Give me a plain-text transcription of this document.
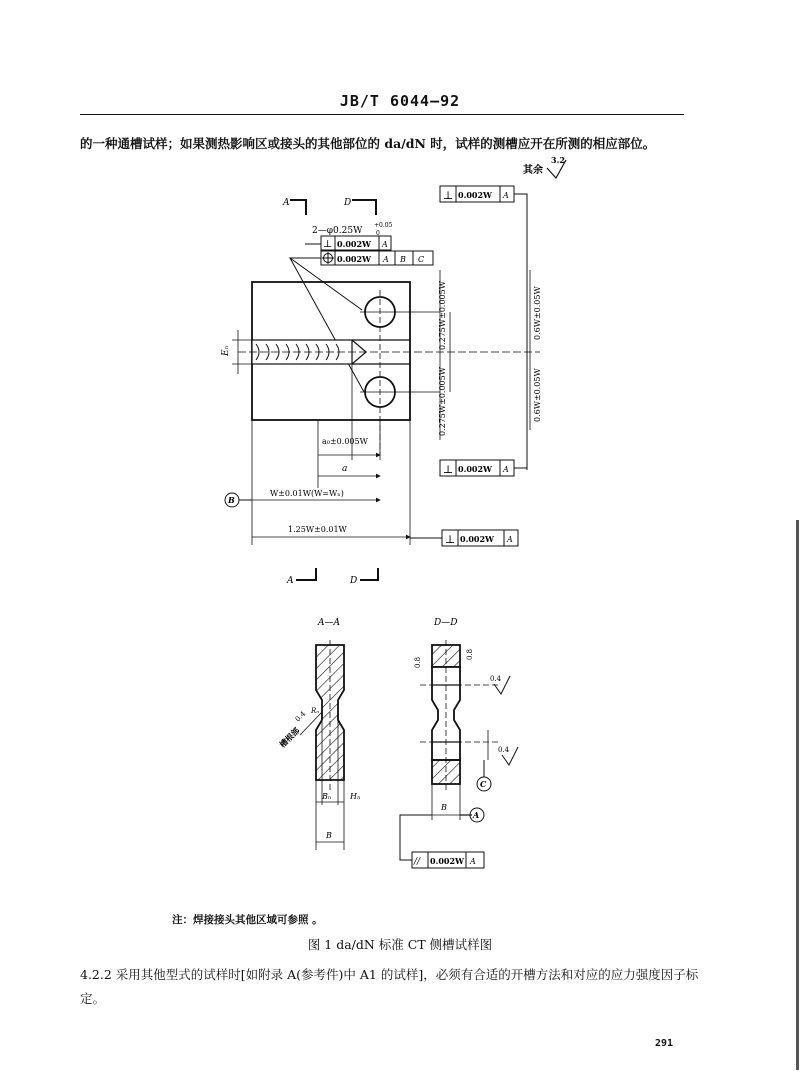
JB/T 6044—92
的一种通槽试样；如果测热影响区或接头的其他部位的 da/dN 时，试样的测槽应开在所测的相应部位。
其余
3.2
⊥ 0.002W A
A	D
2—φ0.25W
+0.05
0
⊥ 0.002W A
0.002W A B C
Eₙ
0.275W±0.005W
0.275W±0.005W
0.6W±0.05W
0.6W±0.05W
⊥ 0.002W A
a₀±0.005W
a
B
W±0.01W(W=Wₙ)
1.25W±0.01W
⊥ 0.002W A
A	D
A—A
Bₙ Hₙ
B
槽根部
0.4 Rₙ
D—D
0.8
0.8
0.4
0.4
C
B
A
// 0.002W A
注：焊接接头其他区域可参照 。
图 1 da/dN 标准 CT 侧槽试样图
4.2.2 采用其他型式的试样时[如附录 A(参考件)中 A1 的试样]，必须有合适的开槽方法和对应的应力强度因子标定。
291
